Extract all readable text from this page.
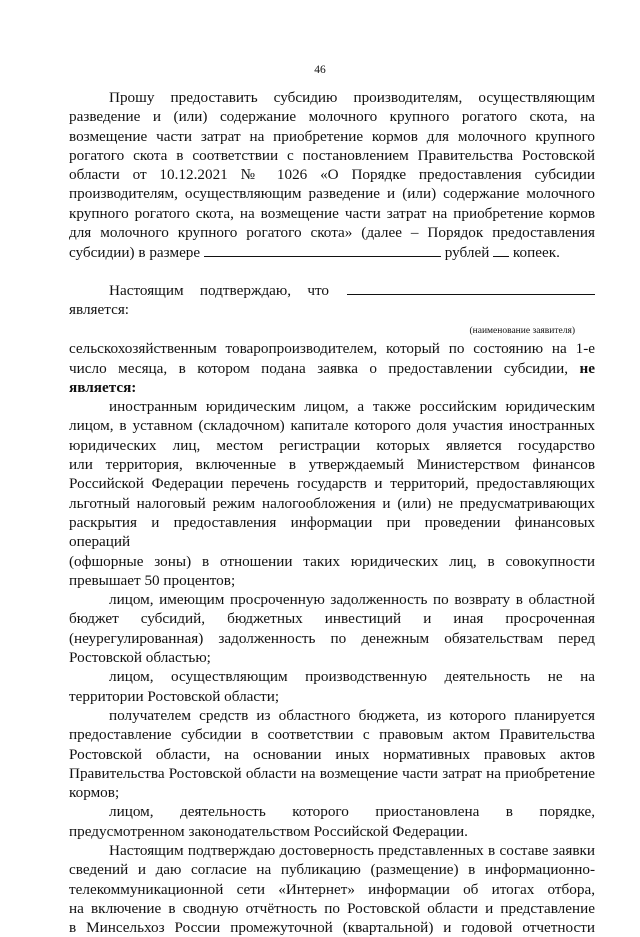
46
Прошу предоставить субсидию производителям, осуществляющим
разведение и (или) содержание молочного крупного рогатого скота, на
возмещение части затрат на приобретение кормов для молочного крупного
рогатого скота в соответствии с постановлением Правительства Ростовской
области от 10.12.2021 № 1026 «О Порядке предоставления субсидии
производителям, осуществляющим разведение и (или) содержание молочного
крупного рогатого скота, на возмещение части затрат на приобретение кормов
для молочного крупного рогатого скота» (далее – Порядок предоставления
субсидии) в размере	рублей копеек.
Настоящим подтверждаю, что
является:
(наименование заявителя)
сельскохозяйственным товаропроизводителем, который по состоянию на 1-е
число месяца, в котором подана заявка о предоставлении субсидии, не
является:
иностранным юридическим лицом, а также российским юридическим
лицом, в уставном (складочном) капитале которого доля участия иностранных
юридических лиц, местом регистрации которых является государство
или территория, включенные в утверждаемый Министерством финансов
Российской Федерации перечень государств и территорий, предоставляющих
льготный налоговый режим налогообложения и (или) не предусматривающих
раскрытия и предоставления информации при проведении финансовых операций
(офшорные зоны) в отношении таких юридических лиц, в совокупности
превышает 50 процентов;
лицом, имеющим просроченную задолженность по возврату в областной
бюджет субсидий, бюджетных инвестиций и иная просроченная
(неурегулированная) задолженность по денежным обязательствам перед
Ростовской областью;
лицом, осуществляющим производственную деятельность не на
территории Ростовской области;
получателем средств из областного бюджета, из которого планируется
предоставление субсидии в соответствии с правовым актом Правительства
Ростовской области, на основании иных нормативных правовых актов
Правительства Ростовской области на возмещение части затрат на приобретение
кормов;
лицом, деятельность которого приостановлена в порядке,
предусмотренном законодательством Российской Федерации.
Настоящим подтверждаю достоверность представленных в составе заявки
сведений и даю согласие на публикацию (размещение) в информационно-
телекоммуникационной сети «Интернет» информации об итогах отбора,
на включение в сводную отчётность по Ростовской области и представление
в Минсельхоз России промежуточной (квартальной) и годовой отчетности
